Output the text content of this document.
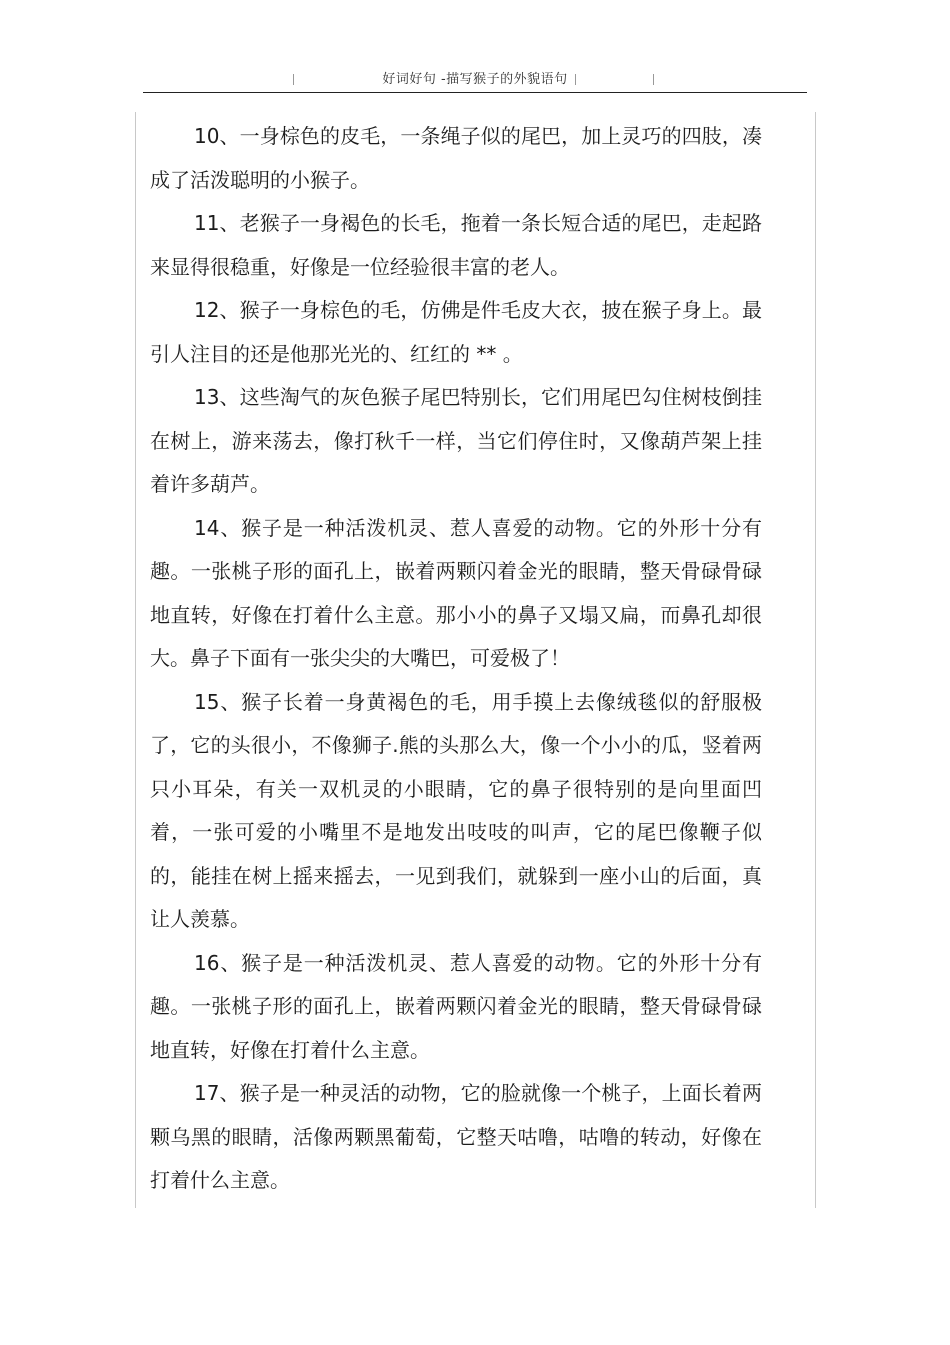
好词好句 -描写猴子的外貌语句

10、一身棕色的皮毛，一条绳子似的尾巴，加上灵巧的四肢，凑成了活泼聪明的小猴子。

11、老猴子一身褐色的长毛，拖着一条长短合适的尾巴，走起路来显得很稳重，好像是一位经验很丰富的老人。

12、猴子一身棕色的毛，仿佛是件毛皮大衣，披在猴子身上。最引人注目的还是他那光光的、红红的 ** 。

13、这些淘气的灰色猴子尾巴特别长，它们用尾巴勾住树枝倒挂在树上，游来荡去，像打秋千一样，当它们停住时，又像葫芦架上挂着许多葫芦。

14、猴子是一种活泼机灵、惹人喜爱的动物。它的外形十分有趣。一张桃子形的面孔上，嵌着两颗闪着金光的眼睛，整天骨碌骨碌地直转，好像在打着什么主意。那小小的鼻子又塌又扁，而鼻孔却很大。鼻子下面有一张尖尖的大嘴巴，可爱极了！

15、猴子长着一身黄褐色的毛，用手摸上去像绒毯似的舒服极了，它的头很小，不像狮子.熊的头那么大，像一个小小的瓜，竖着两只小耳朵，有关一双机灵的小眼睛，它的鼻子很特别的是向里面凹着，一张可爱的小嘴里不是地发出吱吱的叫声，它的尾巴像鞭子似的，能挂在树上摇来摇去，一见到我们，就躲到一座小山的后面，真让人羡慕。

16、猴子是一种活泼机灵、惹人喜爱的动物。它的外形十分有趣。一张桃子形的面孔上，嵌着两颗闪着金光的眼睛，整天骨碌骨碌地直转，好像在打着什么主意。

17、猴子是一种灵活的动物，它的脸就像一个桃子，上面长着两颗乌黑的眼睛，活像两颗黑葡萄，它整天咕噜，咕噜的转动，好像在打着什么主意。
